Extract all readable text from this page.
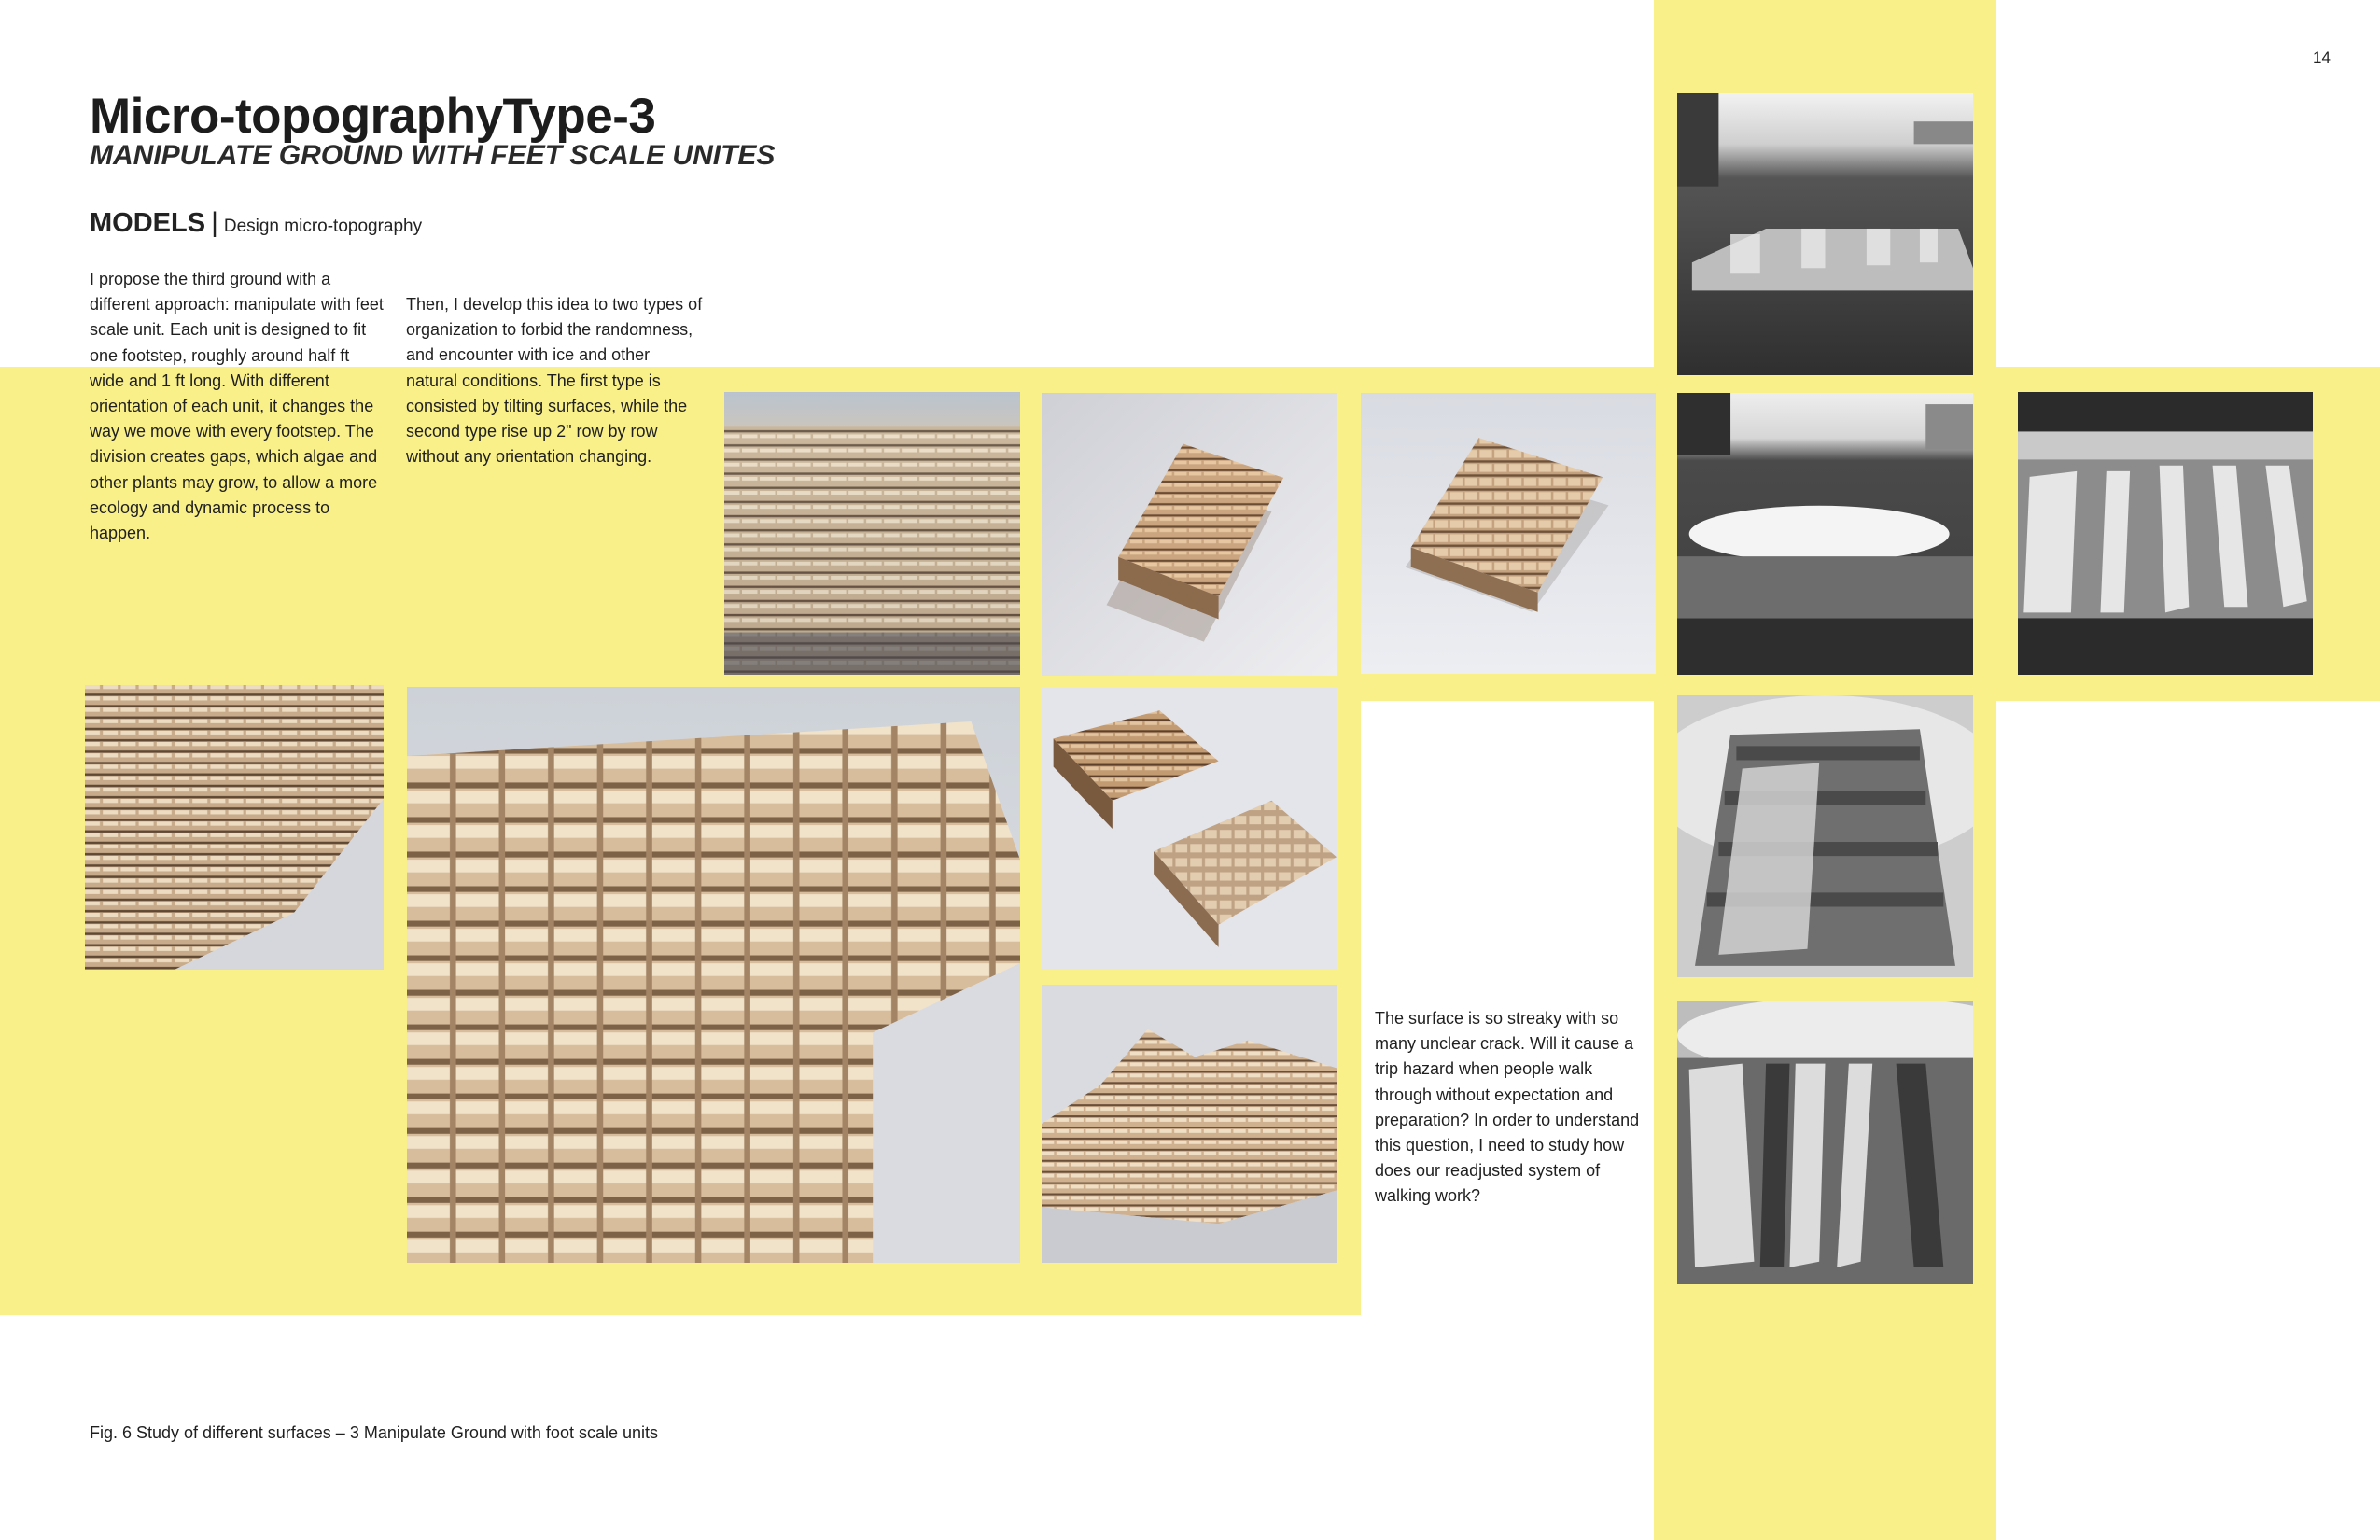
14
Micro-topographyType-3
MANIPULATE GROUND WITH FEET SCALE UNITES
MODELS | Design micro-topography
I propose the third ground with a different approach: manipulate with feet scale unit. Each unit is designed to fit one footstep, roughly around half ft wide and 1 ft long. With different orientation of each unit, it changes the way we move with every footstep. The division creates gaps, which algae and other plants may grow, to allow a more ecology and dynamic process to happen.
Then, I develop this idea to two types of organization to forbid the randomness, and encounter with ice and other natural conditions. The first type is consisted by tilting surfaces, while the second type rise up 2" row by row without any orientation changing.
The surface is so streaky with so many unclear crack. Will it cause a trip hazard when people walk through without expectation and preparation? In order to understand this question, I need to study how does our readjusted system of walking work?
Fig. 6 Study of different surfaces – 3 Manipulate Ground with foot scale units
